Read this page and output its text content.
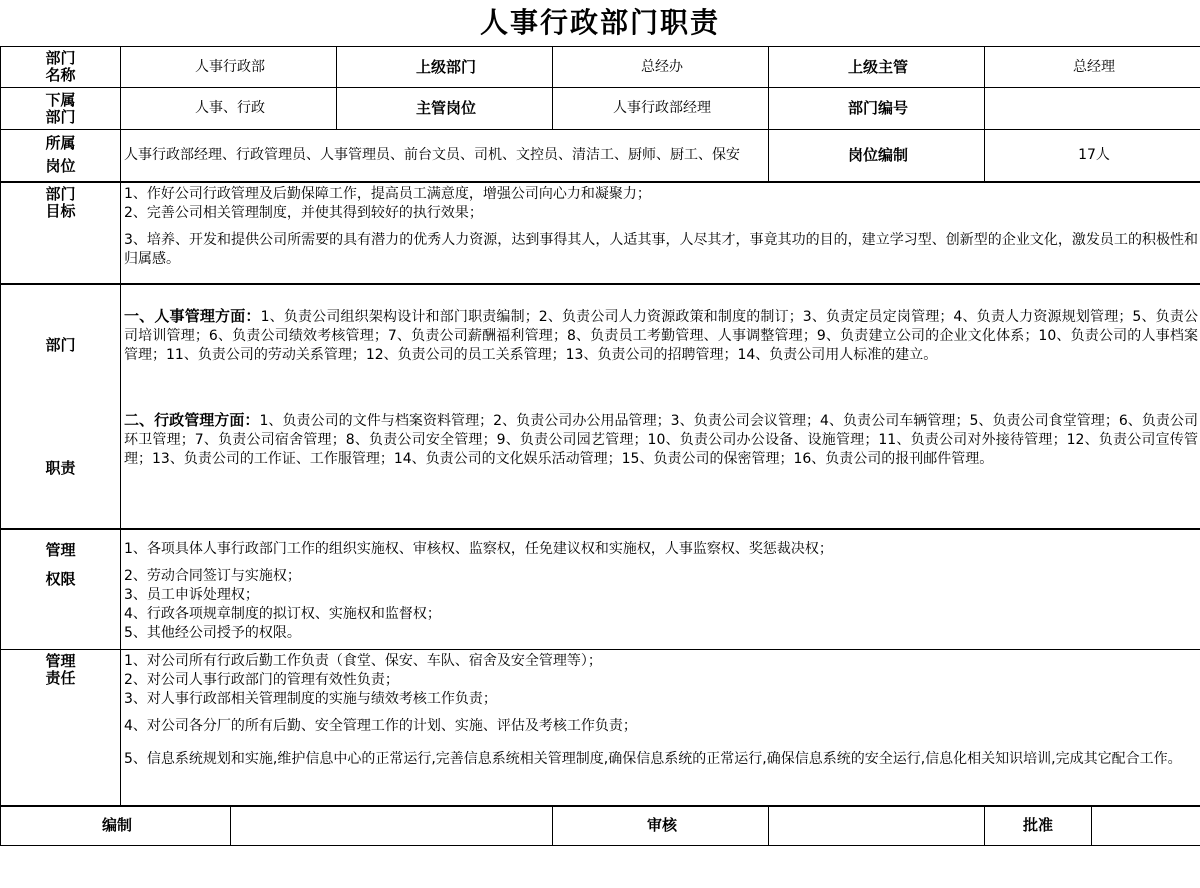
人事行政部门职责
部门
名称	人事行政部		上级部门	总经办	上级主管	总经理

下属
部门	人事、行政		主管岗位	人事行政部经理	部门编号	

所属
岗位	人事行政部经理、行政管理员、人事管理员、前台文员、司机、文控员、清洁工、厨师、厨工、保安				岗位编制	17人

部门
目标	1、作好公司行政管理及后勤保障工作，提高员工满意度，增强公司向心力和凝聚力；
2、完善公司相关管理制度，并使其得到较好的执行效果；
3、培养、开发和提供公司所需要的具有潜力的优秀人力资源，达到事得其人，人适其事，人尽其才，事竟其功的目的，建立学习型、创新型的企业文化，激发员工的积极性和归属感。					

部门
职责	一、人事管理方面：1、负责公司组织架构设计和部门职责编制；2、负责公司人力资源政策和制度的制订；3、负责定员定岗管理；4、负责人力资源规划管理；5、负责公司培训管理；6、负责公司绩效考核管理；7、负责公司薪酬福利管理；8、负责员工考勤管理、人事调整管理；9、负责建立公司的企业文化体系；10、负责公司的人事档案管理；11、负责公司的劳动关系管理；12、负责公司的员工关系管理；13、负责公司的招聘管理；14、负责公司用人标准的建立。
二、行政管理方面：1、负责公司的文件与档案资料管理；2、负责公司办公用品管理；3、负责公司会议管理；4、负责公司车辆管理；5、负责公司食堂管理；6、负责公司环卫管理；7、负责公司宿舍管理；8、负责公司安全管理；9、负责公司园艺管理；10、负责公司办公设备、设施管理；11、负责公司对外接待管理；12、负责公司宣传管理；13、负责公司的工作证、工作服管理；14、负责公司的文化娱乐活动管理；15、负责公司的保密管理；16、负责公司的报刊邮件管理。					

管理
权限	1、各项具体人事行政部门工作的组织实施权、审核权、监察权，任免建议权和实施权，人事监察权、奖惩裁决权；
2、劳动合同签订与实施权；
3、员工申诉处理权；
4、行政各项规章制度的拟订权、实施权和监督权；
5、其他经公司授予的权限。					

管理
责任	1、对公司所有行政后勤工作负责（食堂、保安、车队、宿舍及安全管理等）；
2、对公司人事行政部门的管理有效性负责；
3、对人事行政部相关管理制度的实施与绩效考核工作负责；
4、对公司各分厂的所有后勤、安全管理工作的计划、实施、评估及考核工作负责；
5、信息系统规划和实施,维护信息中心的正常运行,完善信息系统相关管理制度,确保信息系统的正常运行,确保信息系统的安全运行,信息化相关知识培训,完成其它配合工作。					

编制				审核		批准
